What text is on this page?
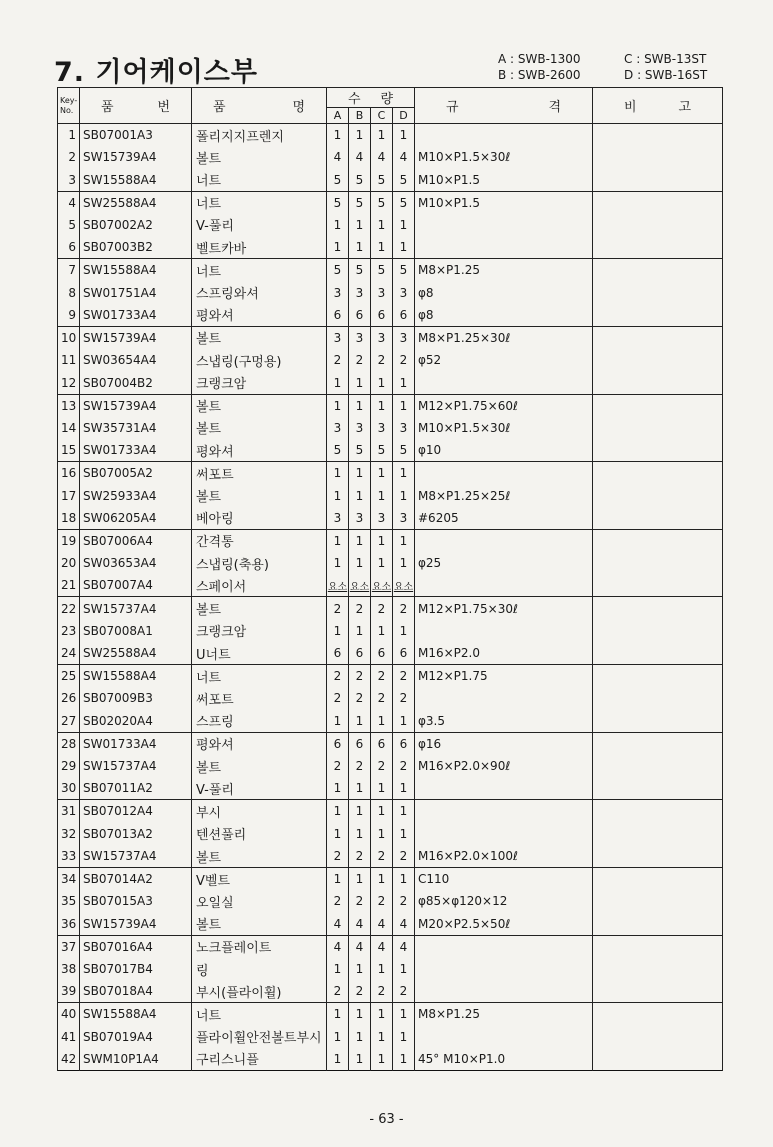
7. 기어케이스부	A : SWB-1300	C : SWB-13ST
B : SWB-2600	D : SWB-16ST
Key-
No.	품 번	품 명	수 량				규 격	비 고

			A	B	C	D		
1	SB07001A3	폴리지지프렌지	1	1	1	1		
2	SW15739A4	볼트	4	4	4	4	M10×P1.5×30ℓ	
3	SW15588A4	너트	5	5	5	5	M10×P1.5	
4	SW25588A4	너트	5	5	5	5	M10×P1.5	
5	SB07002A2	V-풀리	1	1	1	1		
6	SB07003B2	벨트카바	1	1	1	1		
7	SW15588A4	너트	5	5	5	5	M8×P1.25	
8	SW01751A4	스프링와셔	3	3	3	3	φ8	
9	SW01733A4	평와셔	6	6	6	6	φ8	
10	SW15739A4	볼트	3	3	3	3	M8×P1.25×30ℓ	
11	SW03654A4	스냅링(구멍용)	2	2	2	2	φ52	
12	SB07004B2	크랭크암	1	1	1	1		
13	SW15739A4	볼트	1	1	1	1	M12×P1.75×60ℓ	
14	SW35731A4	볼트	3	3	3	3	M10×P1.5×30ℓ	
15	SW01733A4	평와셔	5	5	5	5	φ10	
16	SB07005A2	써포트	1	1	1	1		
17	SW25933A4	볼트	1	1	1	1	M8×P1.25×25ℓ	
18	SW06205A4	베아링	3	3	3	3	#6205	
19	SB07006A4	간격통	1	1	1	1		
20	SW03653A4	스냅링(축용)	1	1	1	1	φ25	
21	SB07007A4	스페이서	요소	요소	요소	요소		
22	SW15737A4	볼트	2	2	2	2	M12×P1.75×30ℓ	
23	SB07008A1	크랭크암	1	1	1	1		
24	SW25588A4	U너트	6	6	6	6	M16×P2.0	
25	SW15588A4	너트	2	2	2	2	M12×P1.75	
26	SB07009B3	써포트	2	2	2	2		
27	SB02020A4	스프링	1	1	1	1	φ3.5	
28	SW01733A4	평와셔	6	6	6	6	φ16	
29	SW15737A4	볼트	2	2	2	2	M16×P2.0×90ℓ	
30	SB07011A2	V-풀리	1	1	1	1		
31	SB07012A4	부시	1	1	1	1		
32	SB07013A2	텐션풀리	1	1	1	1		
33	SW15737A4	볼트	2	2	2	2	M16×P2.0×100ℓ	
34	SB07014A2	V벨트	1	1	1	1	C110	
35	SB07015A3	오일실	2	2	2	2	φ85×φ120×12	
36	SW15739A4	볼트	4	4	4	4	M20×P2.5×50ℓ	
37	SB07016A4	노크플레이트	4	4	4	4		
38	SB07017B4	링	1	1	1	1		
39	SB07018A4	부시(플라이휠)	2	2	2	2		
40	SW15588A4	너트	1	1	1	1	M8×P1.25	
41	SB07019A4	플라이휠안전볼트부시	1	1	1	1		
42	SWM10P1A4	구리스니플	1	1	1	1	45° M10×P1.0	
- 63 -
